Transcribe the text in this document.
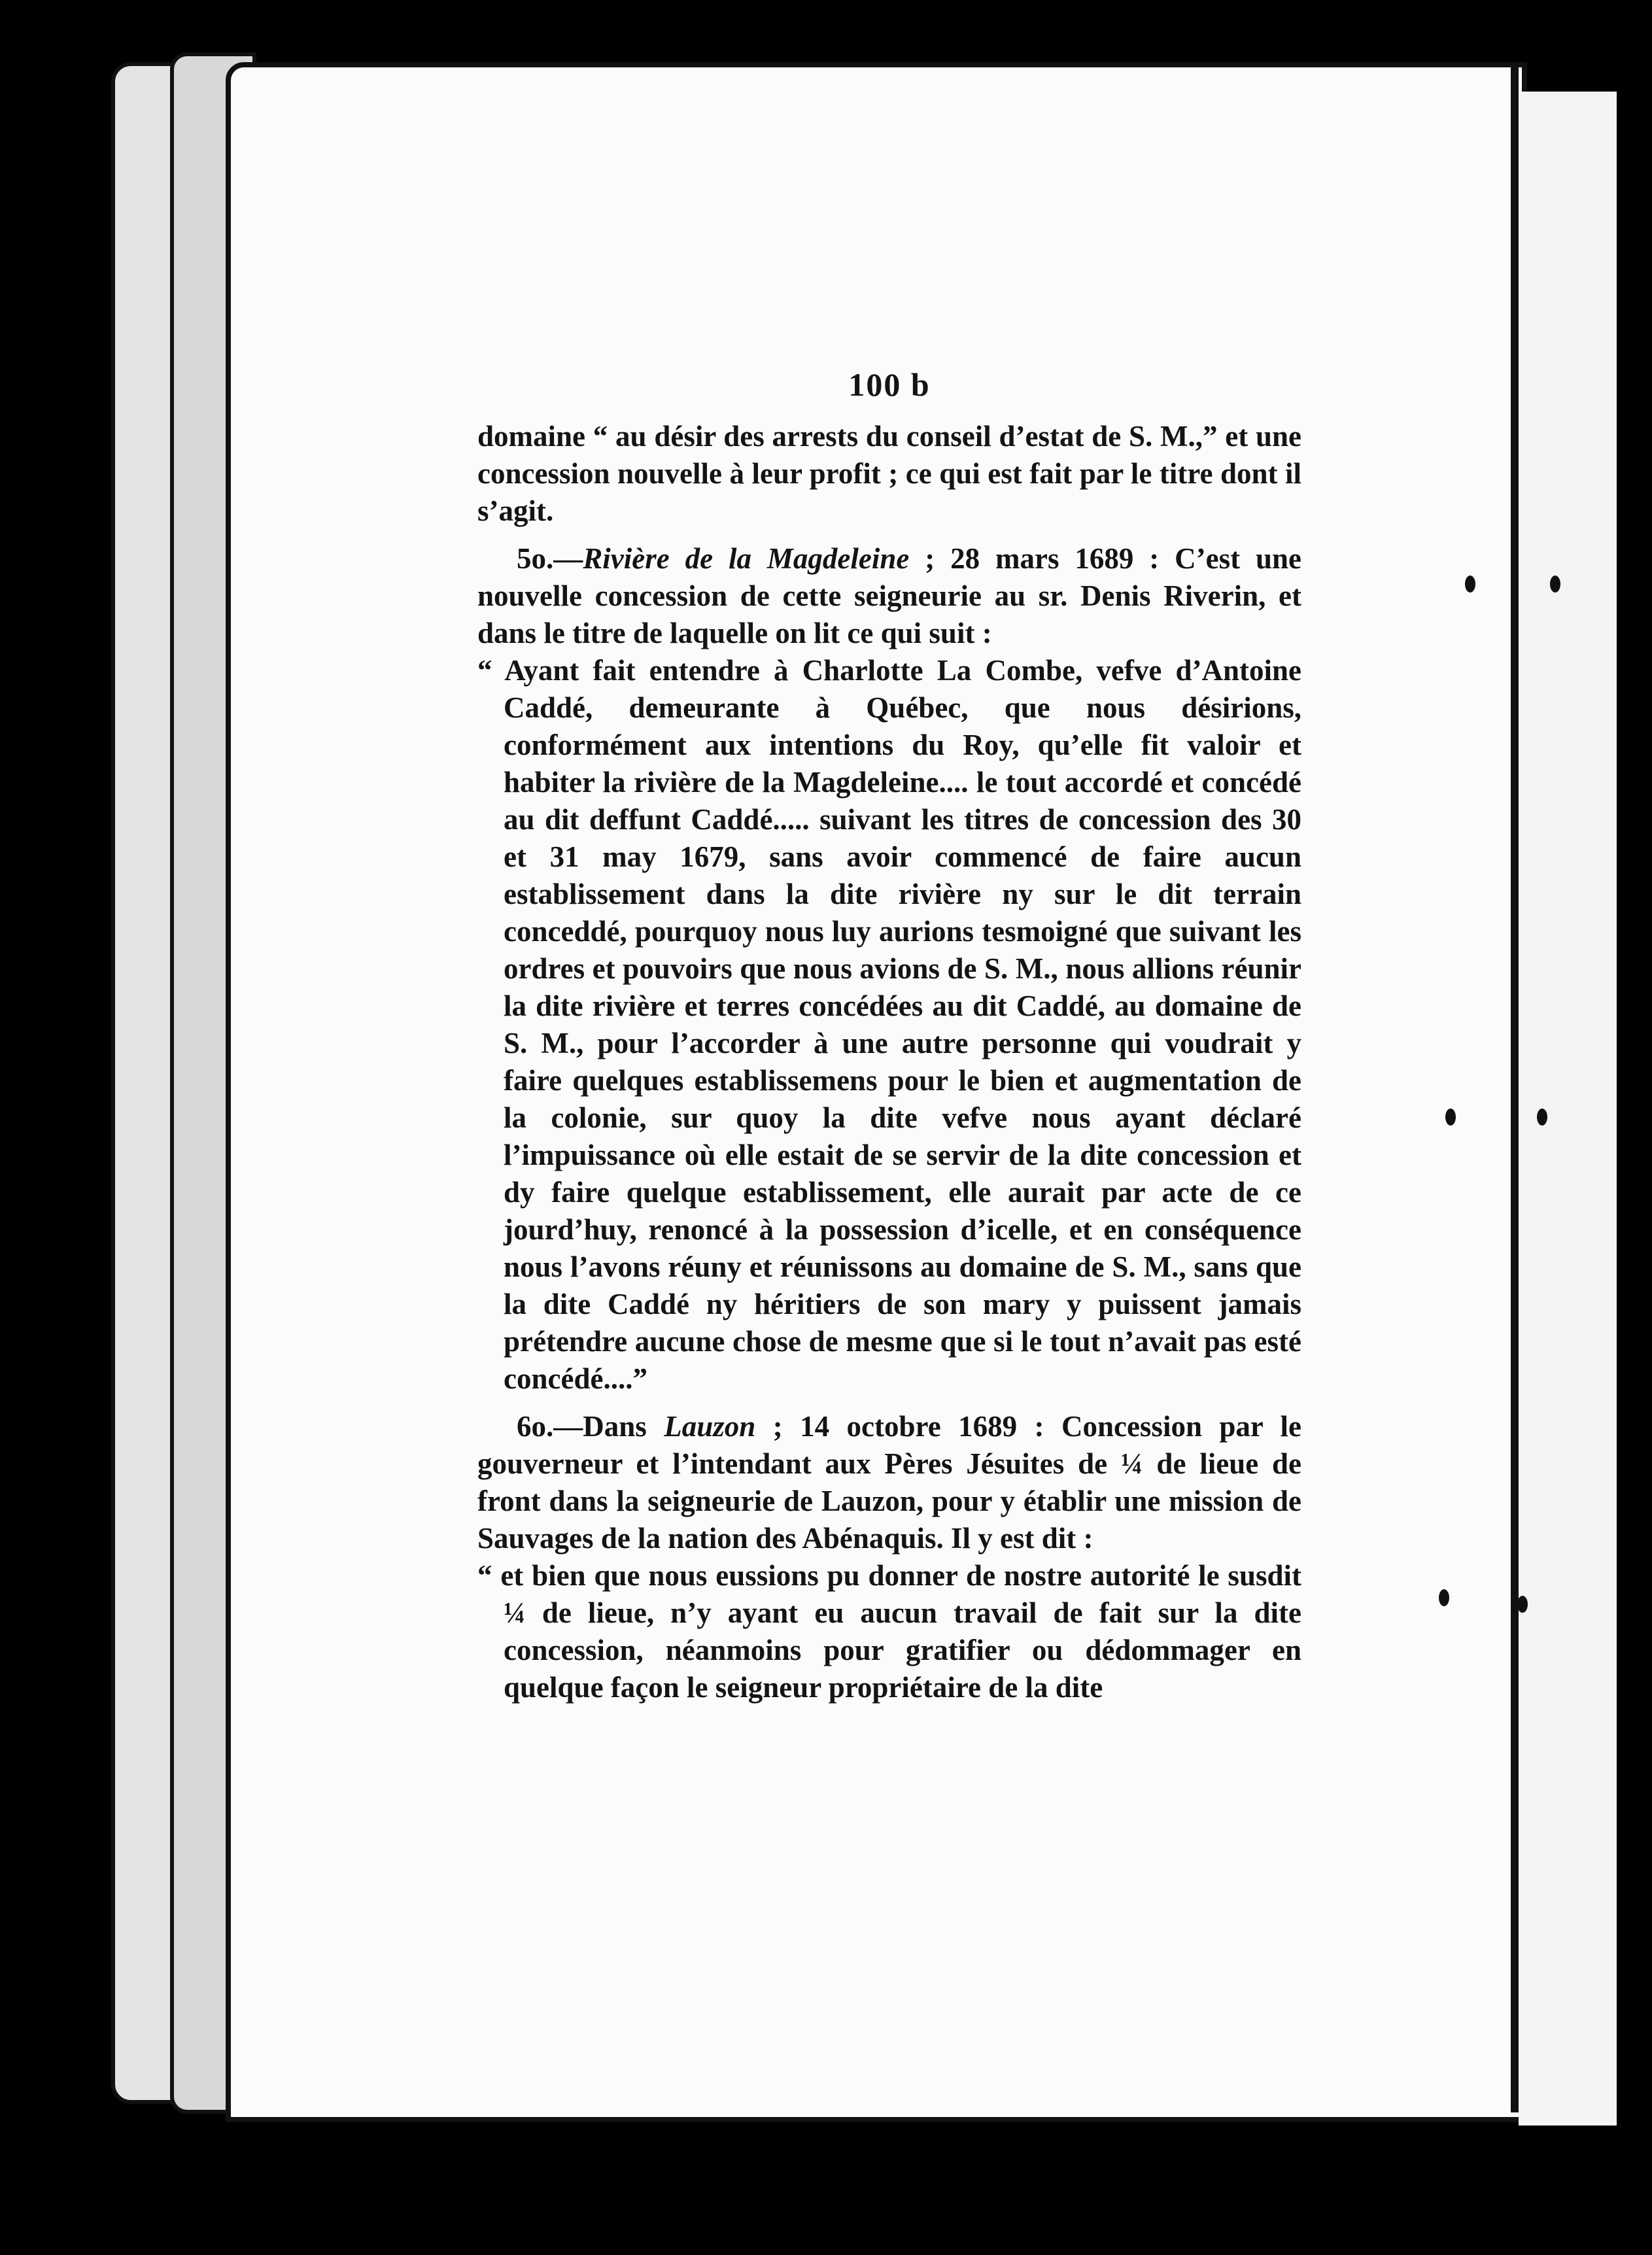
100 b

domaine “ au désir des arrests du conseil d’estat de S. M.,” et une concession nouvelle à leur profit ; ce qui est fait par le titre dont il s’agit.

5o.—Rivière de la Magdeleine ; 28 mars 1689 : C’est une nouvelle concession de cette seigneurie au sr. Denis Riverin, et dans le titre de laquelle on lit ce qui suit :
“ Ayant fait entendre à Charlotte La Combe, vefve d’Antoine Caddé, demeurante à Québec, que nous désirions, conformément aux intentions du Roy, qu’elle fit valoir et habiter la rivière de la Magdeleine.... le tout accordé et concédé au dit deffunt Caddé..... suivant les titres de concession des 30 et 31 may 1679, sans avoir commencé de faire aucun establissement dans la dite rivière ny sur le dit terrain conceddé, pourquoy nous luy aurions tesmoigné que suivant les ordres et pouvoirs que nous avions de S. M., nous allions réunir la dite rivière et terres concédées au dit Caddé, au domaine de S. M., pour l’accorder à une autre personne qui voudrait y faire quelques establissemens pour le bien et augmentation de la colonie, sur quoy la dite vefve nous ayant déclaré l’impuissance où elle estait de se servir de la dite concession et dy faire quelque establissement, elle aurait par acte de ce jourd’huy, renoncé à la possession d’icelle, et en conséquence nous l’avons réuny et réunissons au domaine de S. M., sans que la dite Caddé ny héritiers de son mary y puissent jamais prétendre aucune chose de mesme que si le tout n’avait pas esté concédé....”

6o.—Dans Lauzon ; 14 octobre 1689 : Concession par le gouverneur et l’intendant aux Pères Jésuites de ¼ de lieue de front dans la seigneurie de Lauzon, pour y établir une mission de Sauvages de la nation des Abénaquis. Il y est dit :
“ et bien que nous eussions pu donner de nostre autorité le susdit ¼ de lieue, n’y ayant eu aucun travail de fait sur la dite concession, néanmoins pour gratifier ou dédommager en quelque façon le seigneur propriétaire de la dite
